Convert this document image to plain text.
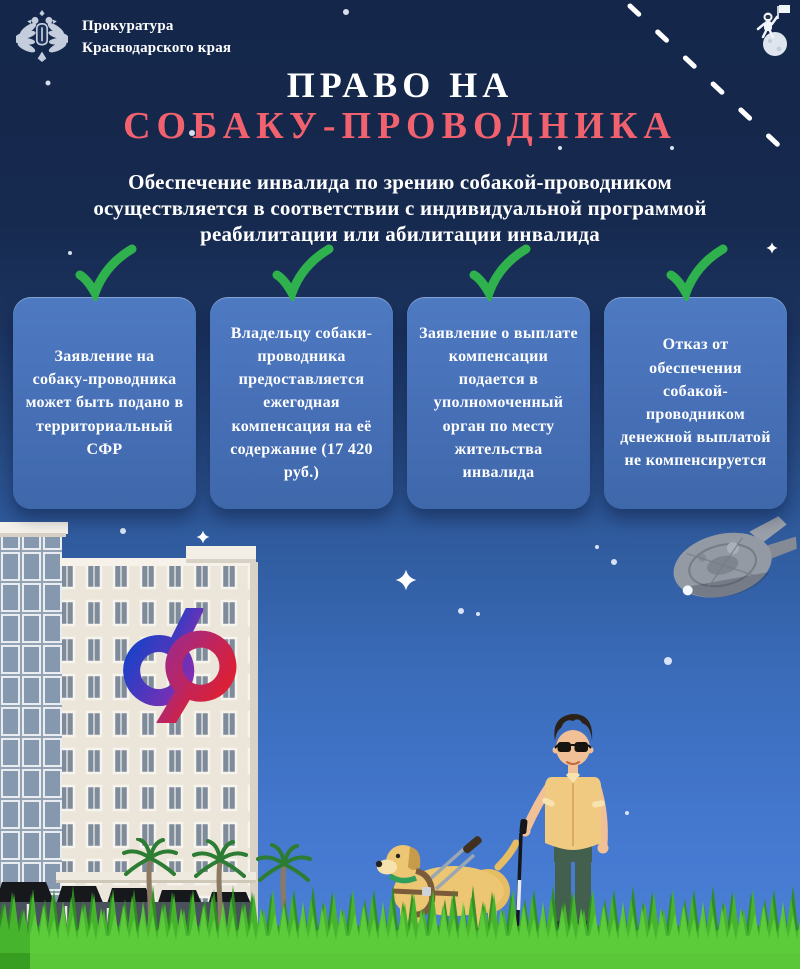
Прокуратура
Краснодарского края
ПРАВО НА
СОБАКУ-ПРОВОДНИКА
Обеспечение инвалида по зрению собакой-проводником осуществляется в соответствии с индивидуальной программой реабилитации или абилитации инвалида
Заявление на собаку-проводника может быть подано в территориальный СФР
Владельцу собаки-проводника предоставляется ежегодная компенсация на её содержание (17 420 руб.)
Заявление о выплате компенсации подается в уполномоченный орган по месту жительства инвалида
Отказ от обеспечения собакой-проводником денежной выплатой не компенсируется
